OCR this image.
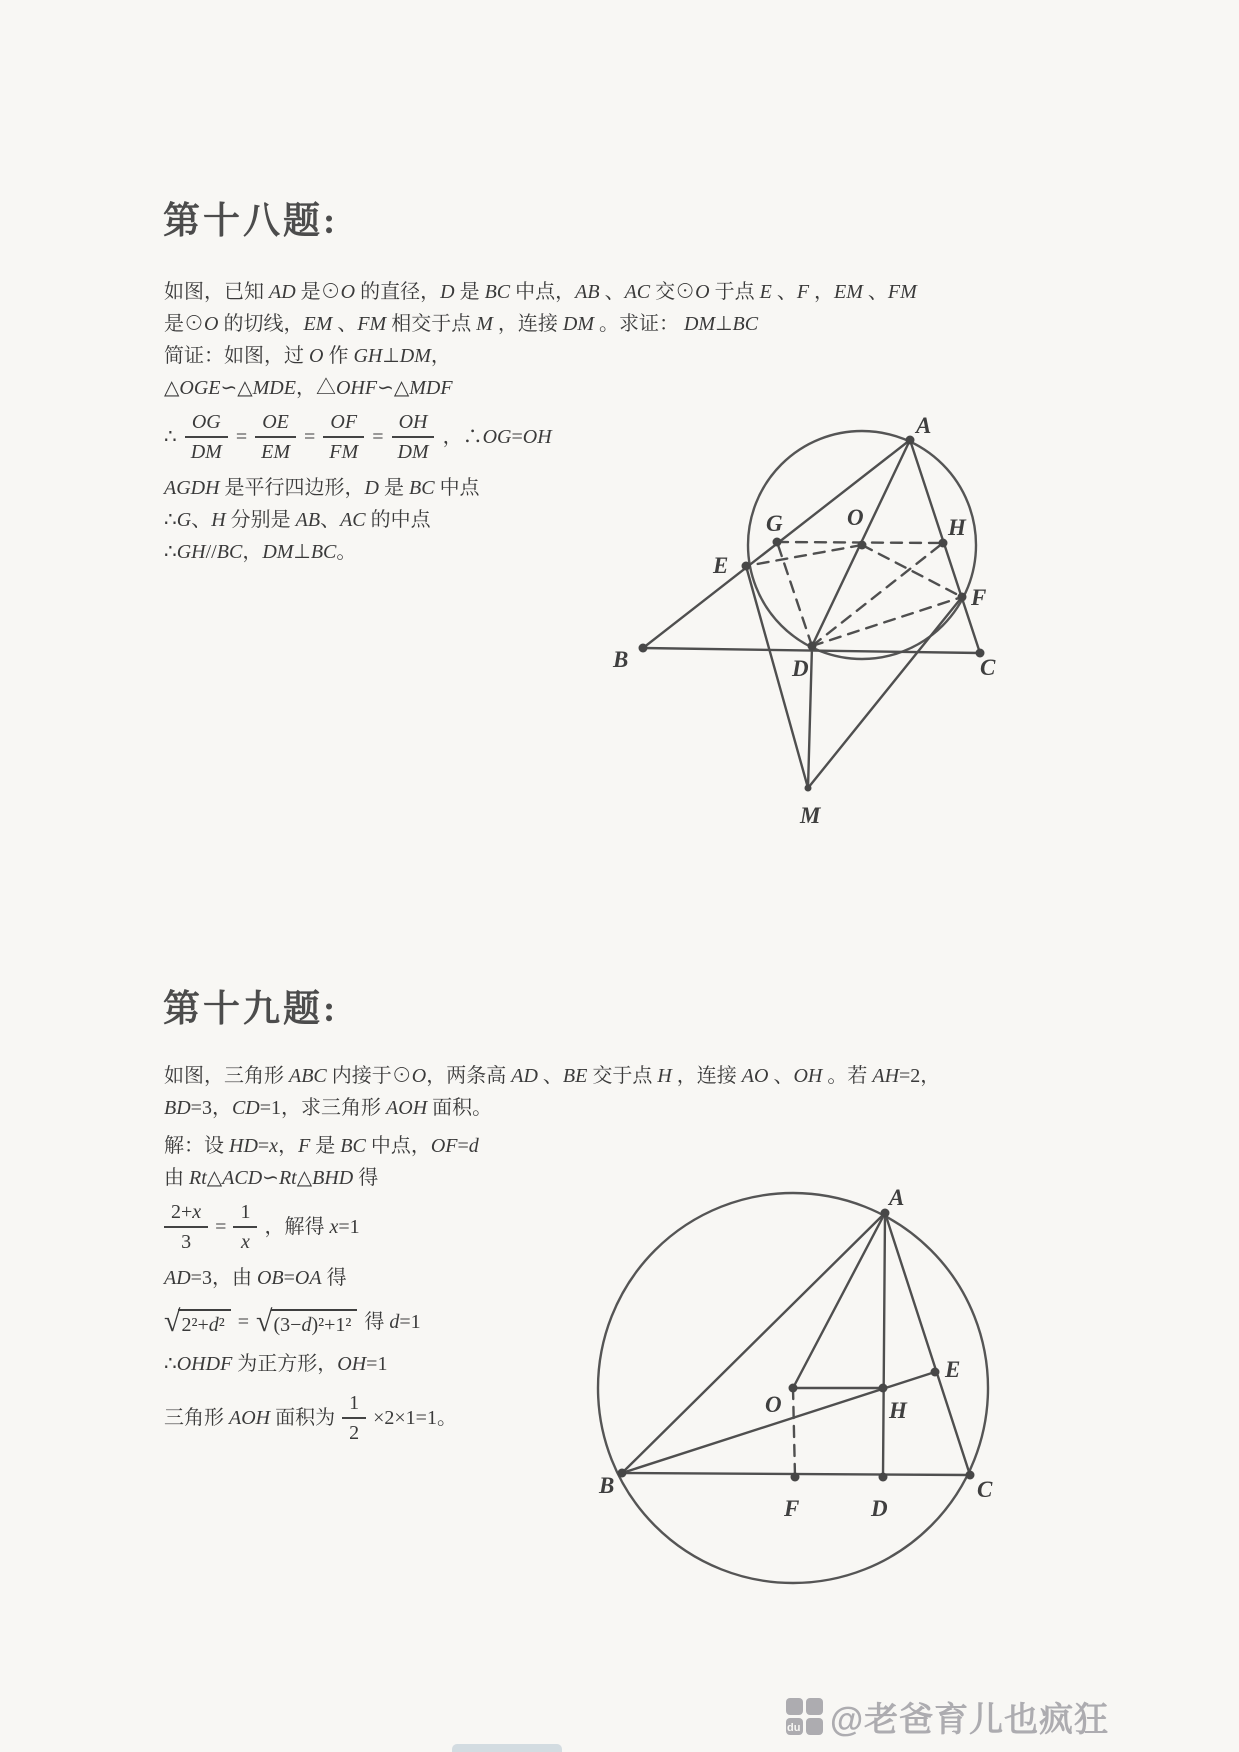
第十八题:
如图，已知 AD 是⊙O 的直径，D 是 BC 中点，AB 、AC 交⊙O 于点 E 、F ，EM 、FM
是⊙O 的切线，EM 、FM 相交于点 M ，连接 DM 。求证： DM⊥BC
简证：如图，过 O 作 GH⊥DM，
△OGE∽△MDE，△OHF∽△MDF
∴ $\frac{OG}{DM} = \frac{OE}{EM} = \frac{OF}{FM} = \frac{OH}{DM}$ ，∴OG=OH
AGDH 是平行四边形，D 是 BC 中点
∴G、H 分别是 AB、AC 的中点
∴GH//BC，DM⊥BC。
A
G	O	H
E
F
B	D	C
M
第十九题:
如图，三角形 ABC 内接于⊙O，两条高 AD 、BE 交于点 H ，连接 AO 、OH 。若 AH=2，
BD=3，CD=1，求三角形 AOH 面积。
解：设 HD=x，F 是 BC 中点，OF=d
由 Rt△ACD∽Rt△BHD 得
$\frac{2+x}{3} = \frac{1}{x}$ ，解得 x=1
AD=3，由 OB=OA 得
√ 2²+d² = √ (3−d)²+1² 得 d=1
∴OHDF 为正方形，OH=1
三角形 AOH 面积为 $\frac{1}{2} \times 2\times 1=1$。
A
B	C
D
F
O	H
E
du @老爸育儿也疯狂
